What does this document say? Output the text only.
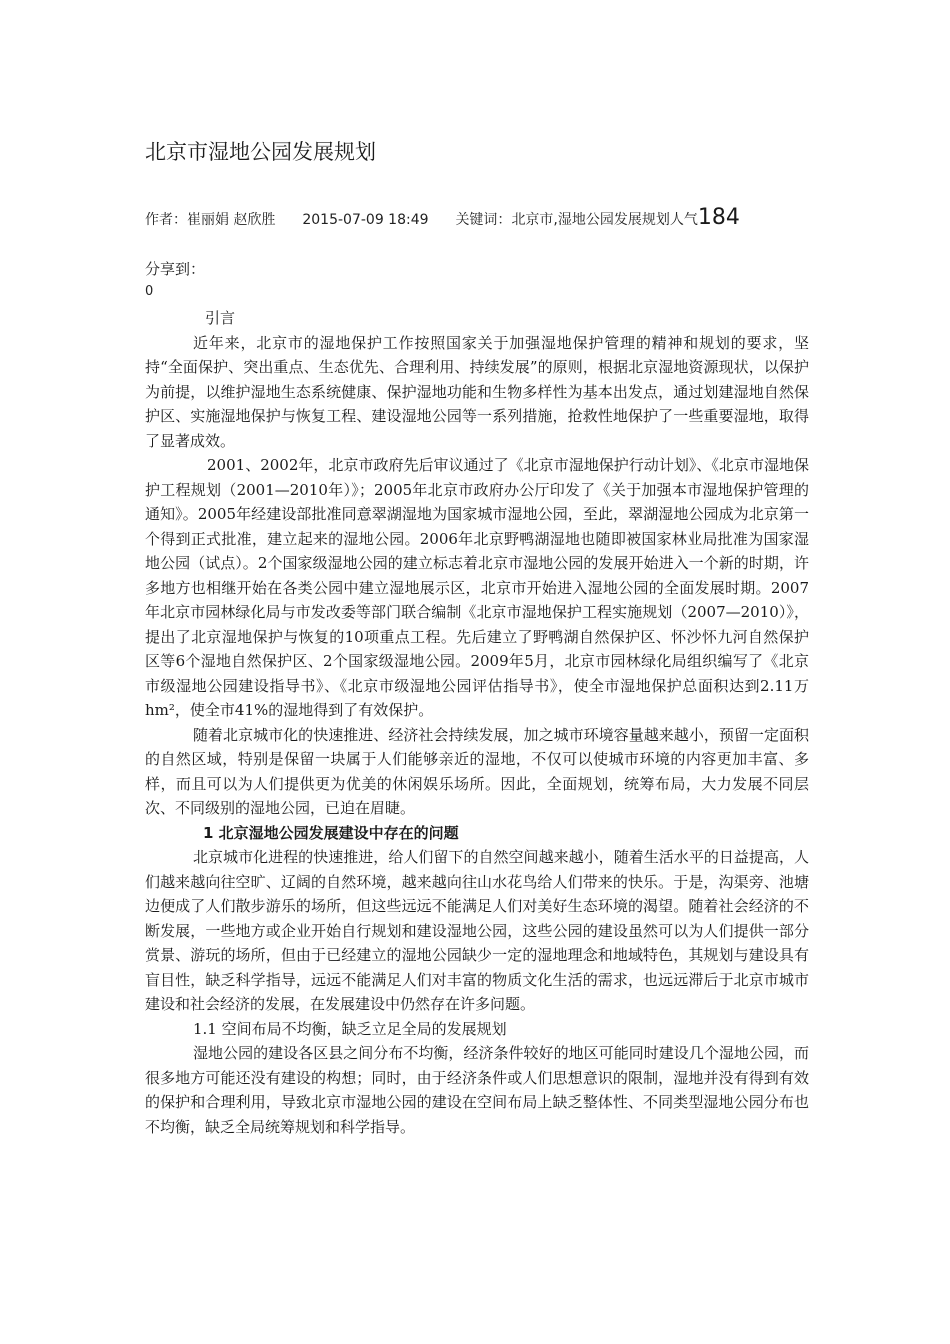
北京市湿地公园发展规划
作者：崔丽娟 赵欣胜 2015-07-09 18:49 关键词：北京市,湿地公园发展规划人气184
分享到：
0
引言

近年来，北京市的湿地保护工作按照国家关于加强湿地保护管理的精神和规划的要求，坚持“全面保护、突出重点、生态优先、合理利用、持续发展”的原则，根据北京湿地资源现状，以保护为前提，以维护湿地生态系统健康、保护湿地功能和生物多样性为基本出发点，通过划建湿地自然保护区、实施湿地保护与恢复工程、建设湿地公园等一系列措施，抢救性地保护了一些重要湿地，取得了显著成效。

2001、2002年，北京市政府先后审议通过了《北京市湿地保护行动计划》、《北京市湿地保护工程规划（2001—2010年）》；2005年北京市政府办公厅印发了《关于加强本市湿地保护管理的通知》。2005年经建设部批准同意翠湖湿地为国家城市湿地公园，至此，翠湖湿地公园成为北京第一个得到正式批准，建立起来的湿地公园。2006年北京野鸭湖湿地也随即被国家林业局批准为国家湿地公园（试点）。2个国家级湿地公园的建立标志着北京市湿地公园的发展开始进入一个新的时期，许多地方也相继开始在各类公园中建立湿地展示区，北京市开始进入湿地公园的全面发展时期。2007年北京市园林绿化局与市发改委等部门联合编制《北京市湿地保护工程实施规划（2007—2010）》，提出了北京湿地保护与恢复的10项重点工程。先后建立了野鸭湖自然保护区、怀沙怀九河自然保护区等6个湿地自然保护区、2个国家级湿地公园。2009年5月，北京市园林绿化局组织编写了《北京市级湿地公园建设指导书》、《北京市级湿地公园评估指导书》，使全市湿地保护总面积达到2.11万hm²，使全市41%的湿地得到了有效保护。

随着北京城市化的快速推进、经济社会持续发展，加之城市环境容量越来越小，预留一定面积的自然区域，特别是保留一块属于人们能够亲近的湿地，不仅可以使城市环境的内容更加丰富、多样，而且可以为人们提供更为优美的休闲娱乐场所。因此，全面规划，统筹布局，大力发展不同层次、不同级别的湿地公园，已迫在眉睫。

1 北京湿地公园发展建设中存在的问题

北京城市化进程的快速推进，给人们留下的自然空间越来越小，随着生活水平的日益提高，人们越来越向往空旷、辽阔的自然环境，越来越向往山水花鸟给人们带来的快乐。于是，沟渠旁、池塘边便成了人们散步游乐的场所，但这些远远不能满足人们对美好生态环境的渴望。随着社会经济的不断发展，一些地方或企业开始自行规划和建设湿地公园，这些公园的建设虽然可以为人们提供一部分赏景、游玩的场所，但由于已经建立的湿地公园缺少一定的湿地理念和地域特色，其规划与建设具有盲目性，缺乏科学指导，远远不能满足人们对丰富的物质文化生活的需求，也远远滞后于北京市城市建设和社会经济的发展，在发展建设中仍然存在许多问题。

1.1 空间布局不均衡，缺乏立足全局的发展规划

湿地公园的建设各区县之间分布不均衡，经济条件较好的地区可能同时建设几个湿地公园，而很多地方可能还没有建设的构想；同时，由于经济条件或人们思想意识的限制，湿地并没有得到有效的保护和合理利用，导致北京市湿地公园的建设在空间布局上缺乏整体性、不同类型湿地公园分布也不均衡，缺乏全局统筹规划和科学指导。
